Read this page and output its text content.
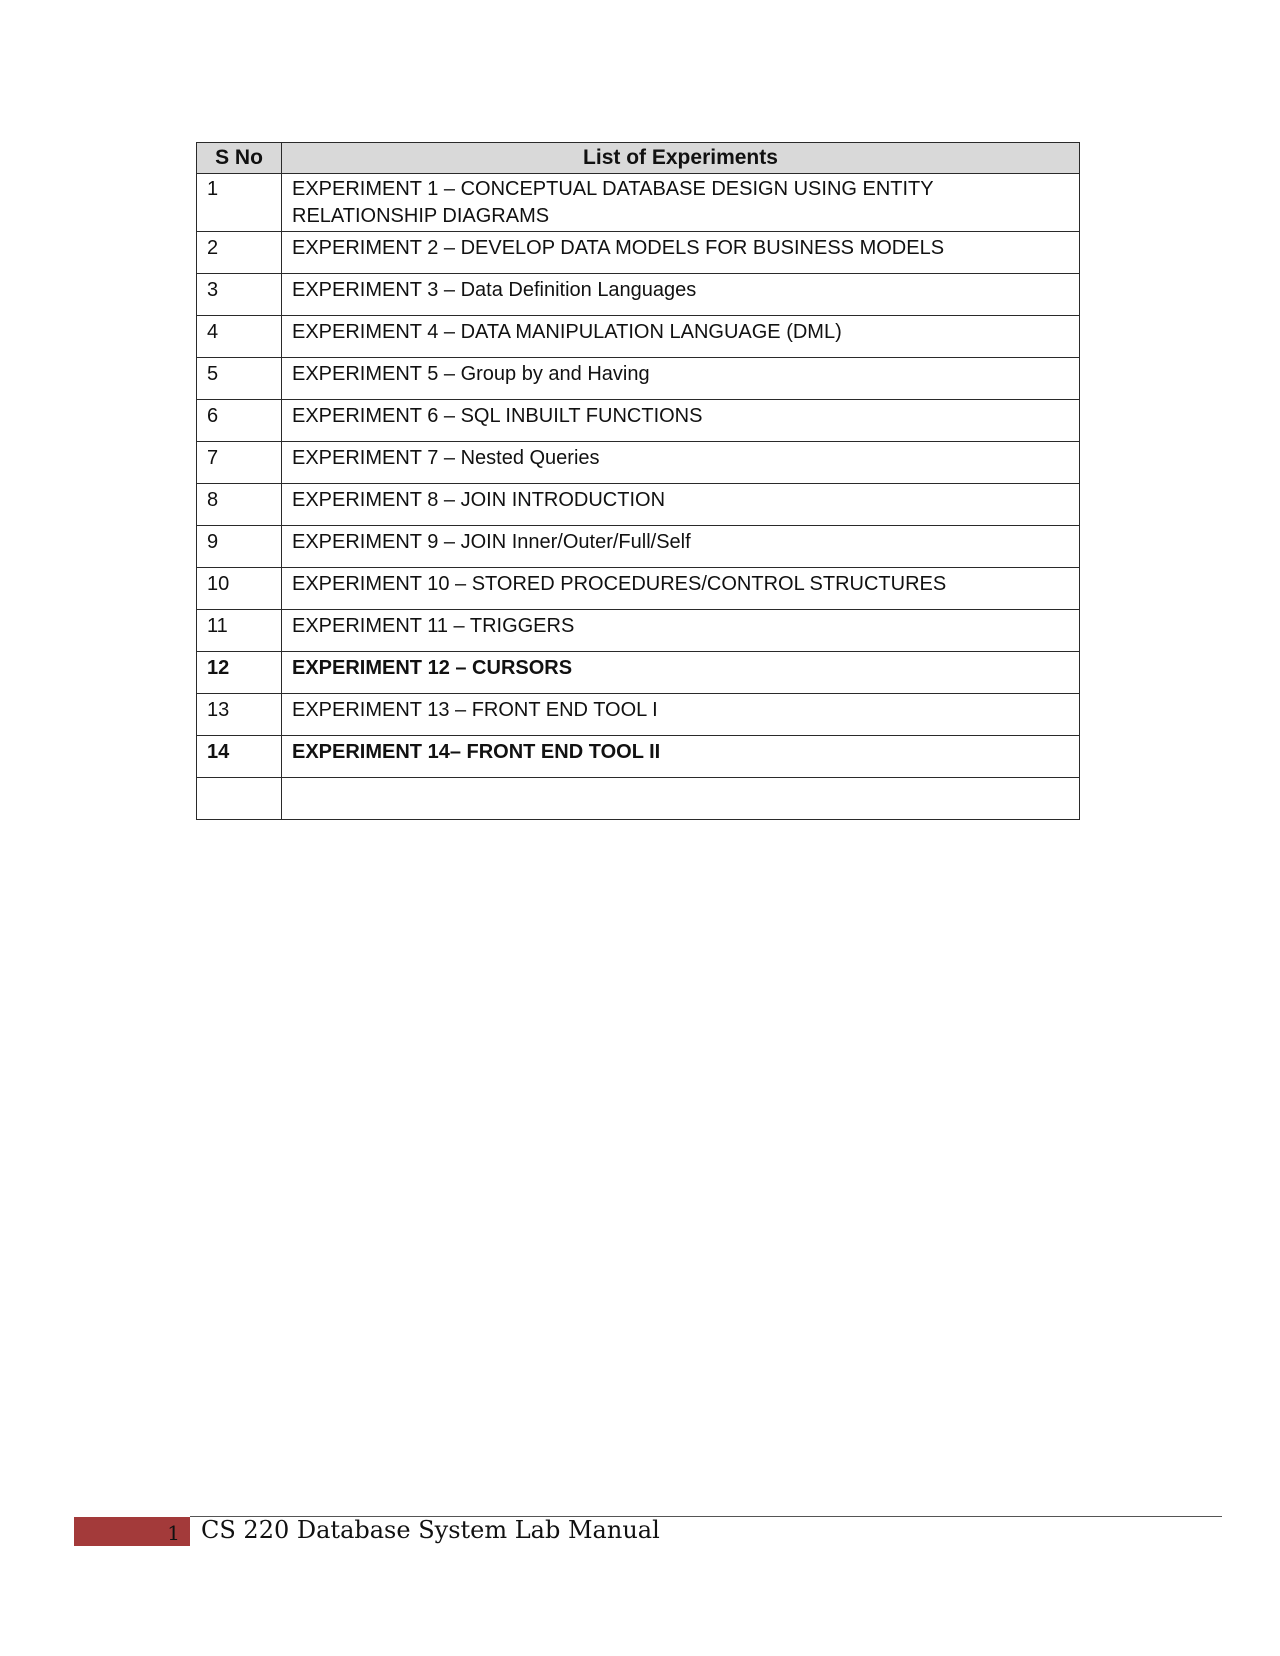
S No	List of Experiments
1	EXPERIMENT 1 – CONCEPTUAL DATABASE DESIGN USING ENTITY RELATIONSHIP DIAGRAMS
2	EXPERIMENT 2 – DEVELOP DATA MODELS FOR BUSINESS MODELS
3	EXPERIMENT 3 – Data Definition Languages
4	EXPERIMENT 4 – DATA MANIPULATION LANGUAGE (DML)
5	EXPERIMENT 5 – Group by and Having
6	EXPERIMENT 6 – SQL INBUILT FUNCTIONS
7	EXPERIMENT 7 – Nested Queries
8	EXPERIMENT 8 – JOIN INTRODUCTION
9	EXPERIMENT 9 – JOIN Inner/Outer/Full/Self
10	EXPERIMENT 10 – STORED PROCEDURES/CONTROL STRUCTURES
11	EXPERIMENT 11 – TRIGGERS
12	EXPERIMENT 12 – CURSORS
13	EXPERIMENT 13 – FRONT END TOOL I
14	EXPERIMENT 14– FRONT END TOOL II

1 CS 220 Database System Lab Manual
